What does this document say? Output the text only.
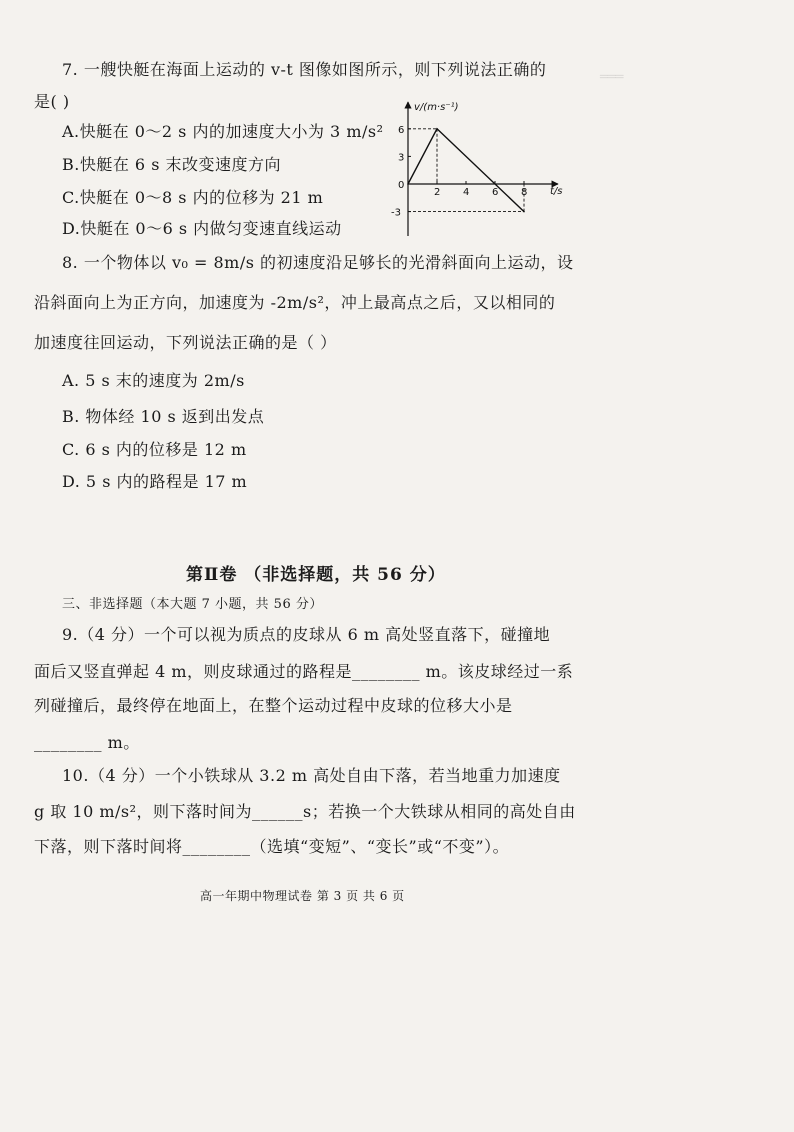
═══
7. 一艘快艇在海面上运动的 v-t 图像如图所示，则下列说法正确的
是( )
A.快艇在 0～2 s 内的加速度大小为 3 m/s²
B.快艇在 6 s 末改变速度方向
C.快艇在 0～8 s 内的位移为 21 m
D.快艇在 0～6 s 内做匀变速直线运动
v/(m·s⁻¹)
t/s
2 4 6 8
6
3
0
-3
8. 一个物体以 v₀ = 8m/s 的初速度沿足够长的光滑斜面向上运动，设
沿斜面向上为正方向，加速度为 -2m/s²，冲上最高点之后，又以相同的
加速度往回运动，下列说法正确的是（ ）
A. 5 s 末的速度为 2m/s
B. 物体经 10 s 返到出发点
C. 6 s 内的位移是 12 m
D. 5 s 内的路程是 17 m
第Ⅱ卷 （非选择题，共 56 分）
三、非选择题（本大题 7 小题，共 56 分）
9.（4 分）一个可以视为质点的皮球从 6 m 高处竖直落下，碰撞地
面后又竖直弹起 4 m，则皮球通过的路程是________ m。该皮球经过一系
列碰撞后，最终停在地面上，在整个运动过程中皮球的位移大小是
________ m。
10.（4 分）一个小铁球从 3.2 m 高处自由下落，若当地重力加速度
g 取 10 m/s²，则下落时间为______s；若换一个大铁球从相同的高处自由
下落，则下落时间将________（选填“变短”、“变长”或“不变”）。
高一年期中物理试卷 第 3 页 共 6 页
